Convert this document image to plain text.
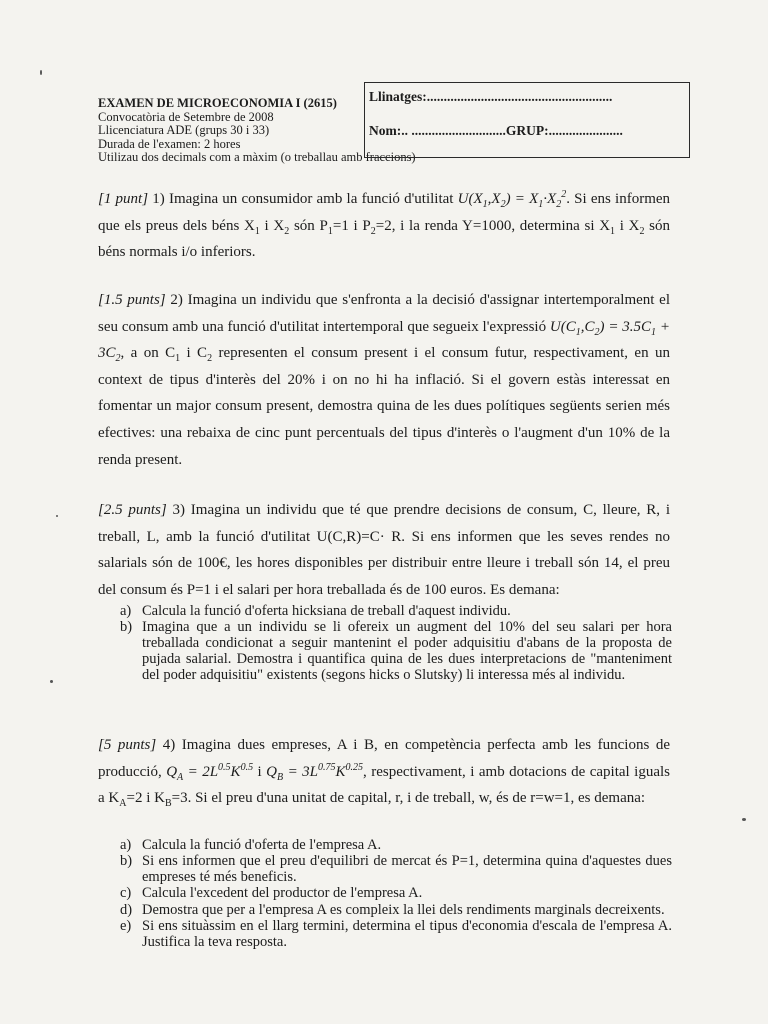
EXAMEN DE MICROECONOMIA I (2615)
Convocatòria de Setembre de 2008
Llicenciatura ADE (grups 30 i 33)
Durada de l'examen: 2 hores
Utilizau dos decimals com a màxim (o treballau amb fraccions)
Llinatges:.......................................................
Nom:.. ............................GRUP:......................
[1 punt] 1) Imagina un consumidor amb la funció d'utilitat $U(X_1,X_2) = X_1\cdot X_2^2$. Si ens informen que els preus dels béns $X_1$ i $X_2$ són $P_1=1$ i $P_2=2$, i la renda Y=1000, determina si $X_1$ i $X_2$ són béns normals i/o inferiors.
[1.5 punts] 2) Imagina un individu que s'enfronta a la decisió d'assignar intertemporalment el seu consum amb una funció d'utilitat intertemporal que segueix l'expressió $U(C_1,C_2) = 3.5C_1 + 3C_2$, a on $C_1$ i $C_2$ representen el consum present i el consum futur, respectivament, en un context de tipus d'interès del 20% i on no hi ha inflació. Si el govern estàs interessat en fomentar un major consum present, demostra quina de les dues polítiques següents serien més efectives: una rebaixa de cinc punt percentuals del tipus d'interès o l'augment d'un 10% de la renda present.
[2.5 punts] 3) Imagina un individu que té que prendre decisions de consum, C, lleure, R, i treball, L, amb la funció d'utilitat U(C,R)=C· R. Si ens informen que les seves rendes no salarials són de 100€, les hores disponibles per distribuir entre lleure i treball són 14, el preu del consum és P=1 i el salari per hora treballada és de 100 euros. Es demana:
a) Calcula la funció d'oferta hicksiana de treball d'aquest individu.
b) Imagina que a un individu se li ofereix un augment del 10% del seu salari per hora treballada condicionat a seguir mantenint el poder adquisitiu d'abans de la proposta de pujada salarial. Demostra i quantifica quina de les dues interpretacions de "manteniment del poder adquisitiu" existents (segons hicks o Slutsky) li interessa més al individu.
[5 punts] 4) Imagina dues empreses, A i B, en competència perfecta amb les funcions de producció, $Q_A = 2L^{0.5}K^{0.5}$ i $Q_B = 3L^{0.75}K^{0.25}$, respectivament, i amb dotacions de capital iguals a $K_A=2$ i $K_B=3$. Si el preu d'una unitat de capital, r, i de treball, w, és de r=w=1, es demana:
a) Calcula la funció d'oferta de l'empresa A.
b) Si ens informen que el preu d'equilibri de mercat és P=1, determina quina d'aquestes dues empreses té més beneficis.
c) Calcula l'excedent del productor de l'empresa A.
d) Demostra que per a l'empresa A es compleix la llei dels rendiments marginals decreixents.
e) Si ens situàssim en el llarg termini, determina el tipus d'economia d'escala de l'empresa A. Justifica la teva resposta.
